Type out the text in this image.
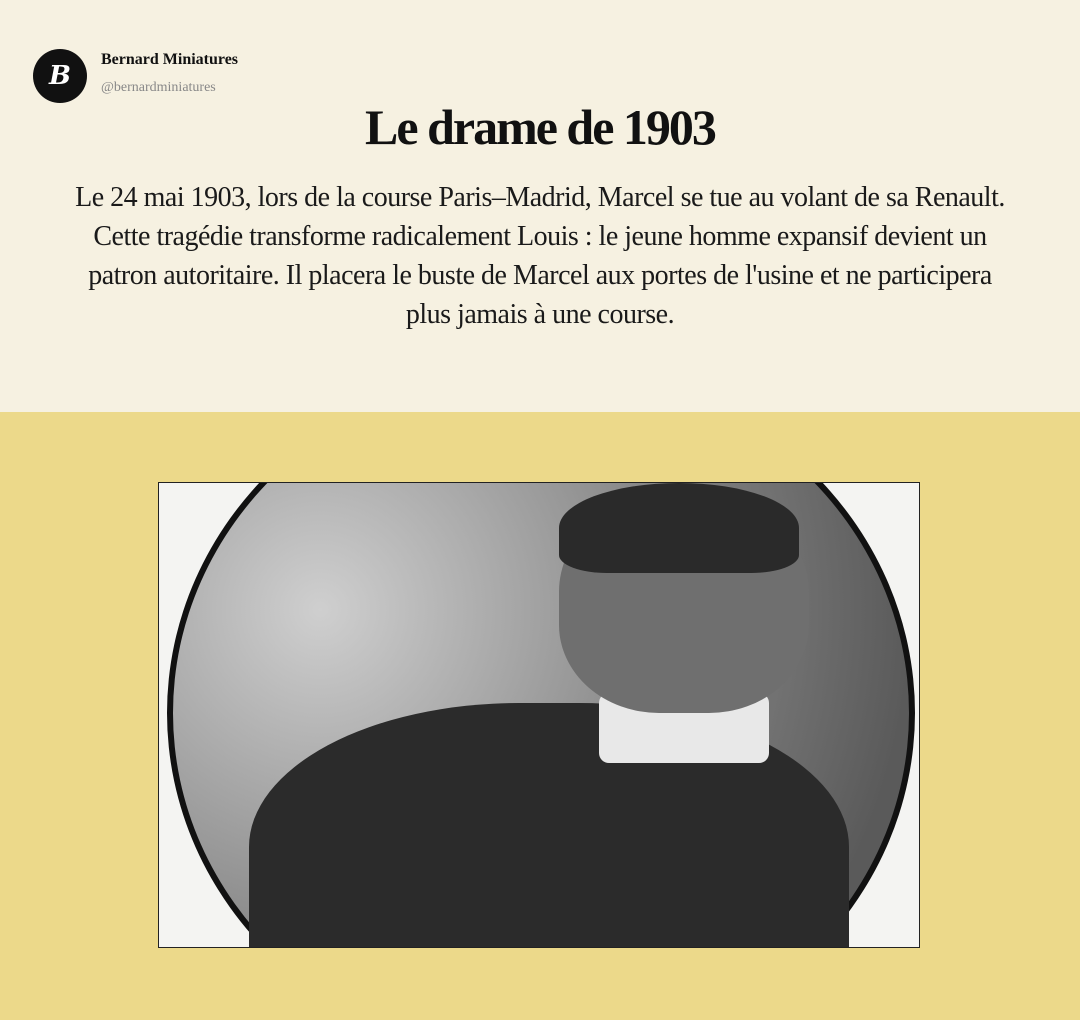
B
Bernard Miniatures
@bernardminiatures
Le drame de 1903
Le 24 mai 1903, lors de la course Paris–Madrid, Marcel se tue au volant de sa Renault. Cette tragédie transforme radicalement Louis : le jeune homme expansif devient un patron autoritaire. Il placera le buste de Marcel aux portes de l'usine et ne participera plus jamais à une course.
